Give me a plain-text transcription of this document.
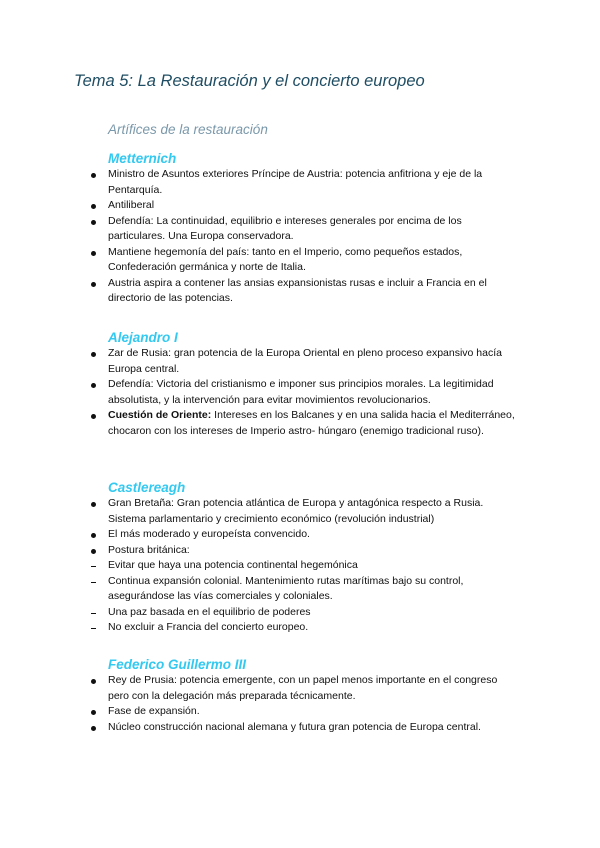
Tema 5: La Restauración y el concierto europeo
Artífices de la restauración
Metternich
Ministro de Asuntos exteriores Príncipe de Austria: potencia anfitriona y eje de la Pentarquía.
Antiliberal
Defendía: La continuidad, equilibrio e intereses generales por encima de los particulares. Una Europa conservadora.
Mantiene hegemonía del país: tanto en el Imperio, como pequeños estados, Confederación germánica y norte de Italia.
Austria aspira a contener las ansias expansionistas rusas e incluir a Francia en el directorio de las potencias.
Alejandro I
Zar de Rusia: gran potencia de la Europa Oriental en pleno proceso expansivo hacía Europa central.
Defendía: Victoria del cristianismo e imponer sus principios morales. La legitimidad absolutista, y la intervención para evitar movimientos revolucionarios.
Cuestión de Oriente: Intereses en los Balcanes y en una salida hacia el Mediterráneo, chocaron con los intereses de Imperio astro- húngaro (enemigo tradicional ruso).
Castlereagh
Gran Bretaña: Gran potencia atlántica de Europa y antagónica respecto a Rusia. Sistema parlamentario y crecimiento económico (revolución industrial)
El más moderado y europeísta convencido.
Postura británica:
Evitar que haya una potencia continental hegemónica
Continua expansión colonial. Mantenimiento rutas marítimas bajo su control, asegurándose las vías comerciales y coloniales.
Una paz basada en el equilibrio de poderes
No excluir a Francia del concierto europeo.
Federico Guillermo III
Rey de Prusia: potencia emergente, con un papel menos importante en el congreso pero con la delegación más preparada técnicamente.
Fase de expansión.
Núcleo construcción nacional alemana y futura gran potencia de Europa central.
